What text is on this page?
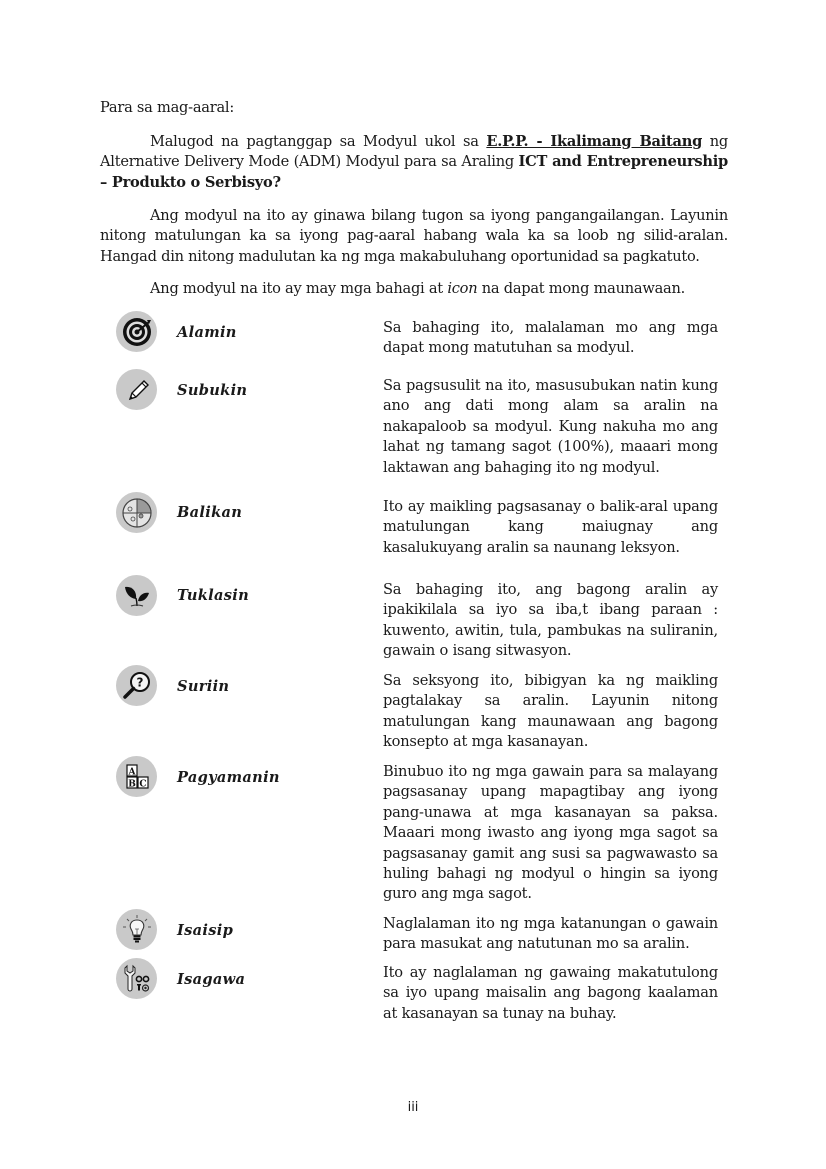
Para sa mag-aaral:
Malugod na pagtanggap sa Modyul ukol sa E.P.P. - Ikalimang Baitang ng Alternative Delivery Mode (ADM) Modyul para sa Araling ICT and Entrepreneurship – Produkto o Serbisyo?
Ang modyul na ito ay ginawa bilang tugon sa iyong pangangailangan. Layunin nitong matulungan ka sa iyong pag-aaral habang wala ka sa loob ng silid-aralan. Hangad din nitong madulutan ka ng mga makabuluhang oportunidad sa pagkatuto.
Ang modyul na ito ay may mga bahagi at icon na dapat mong maunawaan.
Alamin	Sa bahaging ito, malalaman mo ang mga dapat mong matutuhan sa modyul.
Subukin	Sa pagsusulit na ito, masusubukan natin kung ano ang dati mong alam sa aralin na nakapaloob sa modyul. Kung nakuha mo ang lahat ng tamang sagot (100%), maaari mong laktawan ang bahaging ito ng modyul.
Balikan	Ito ay maikling pagsasanay o balik-aral upang matulungan kang maiugnay ang kasalukuyang aralin sa naunang leksyon.
Tuklasin	Sa bahaging ito, ang bagong aralin ay ipakikilala sa iyo sa iba,t ibang paraan : kuwento, awitin, tula, pambukas na suliranin, gawain o isang sitwasyon.
? Suriin	Sa seksyong ito, bibigyan ka ng maikling pagtalakay sa aralin. Layunin nitong matulungan kang maunawaan ang bagong konsepto at mga kasanayan.
A
B C Pagyamanin	Binubuo ito ng mga gawain para sa malayang pagsasanay upang mapagtibay ang iyong pang-unawa at mga kasanayan sa paksa. Maaari mong iwasto ang iyong mga sagot sa pagsasanay gamit ang susi sa pagwawasto sa huling bahagi ng modyul o hingin sa iyong guro ang mga sagot.
Isaisip	Naglalaman ito ng mga katanungan o gawain para masukat ang natutunan mo sa aralin.
Isagawa	Ito ay naglalaman ng gawaing makatutulong sa iyo upang maisalin ang bagong kaalaman at kasanayan sa tunay na buhay.
iii
